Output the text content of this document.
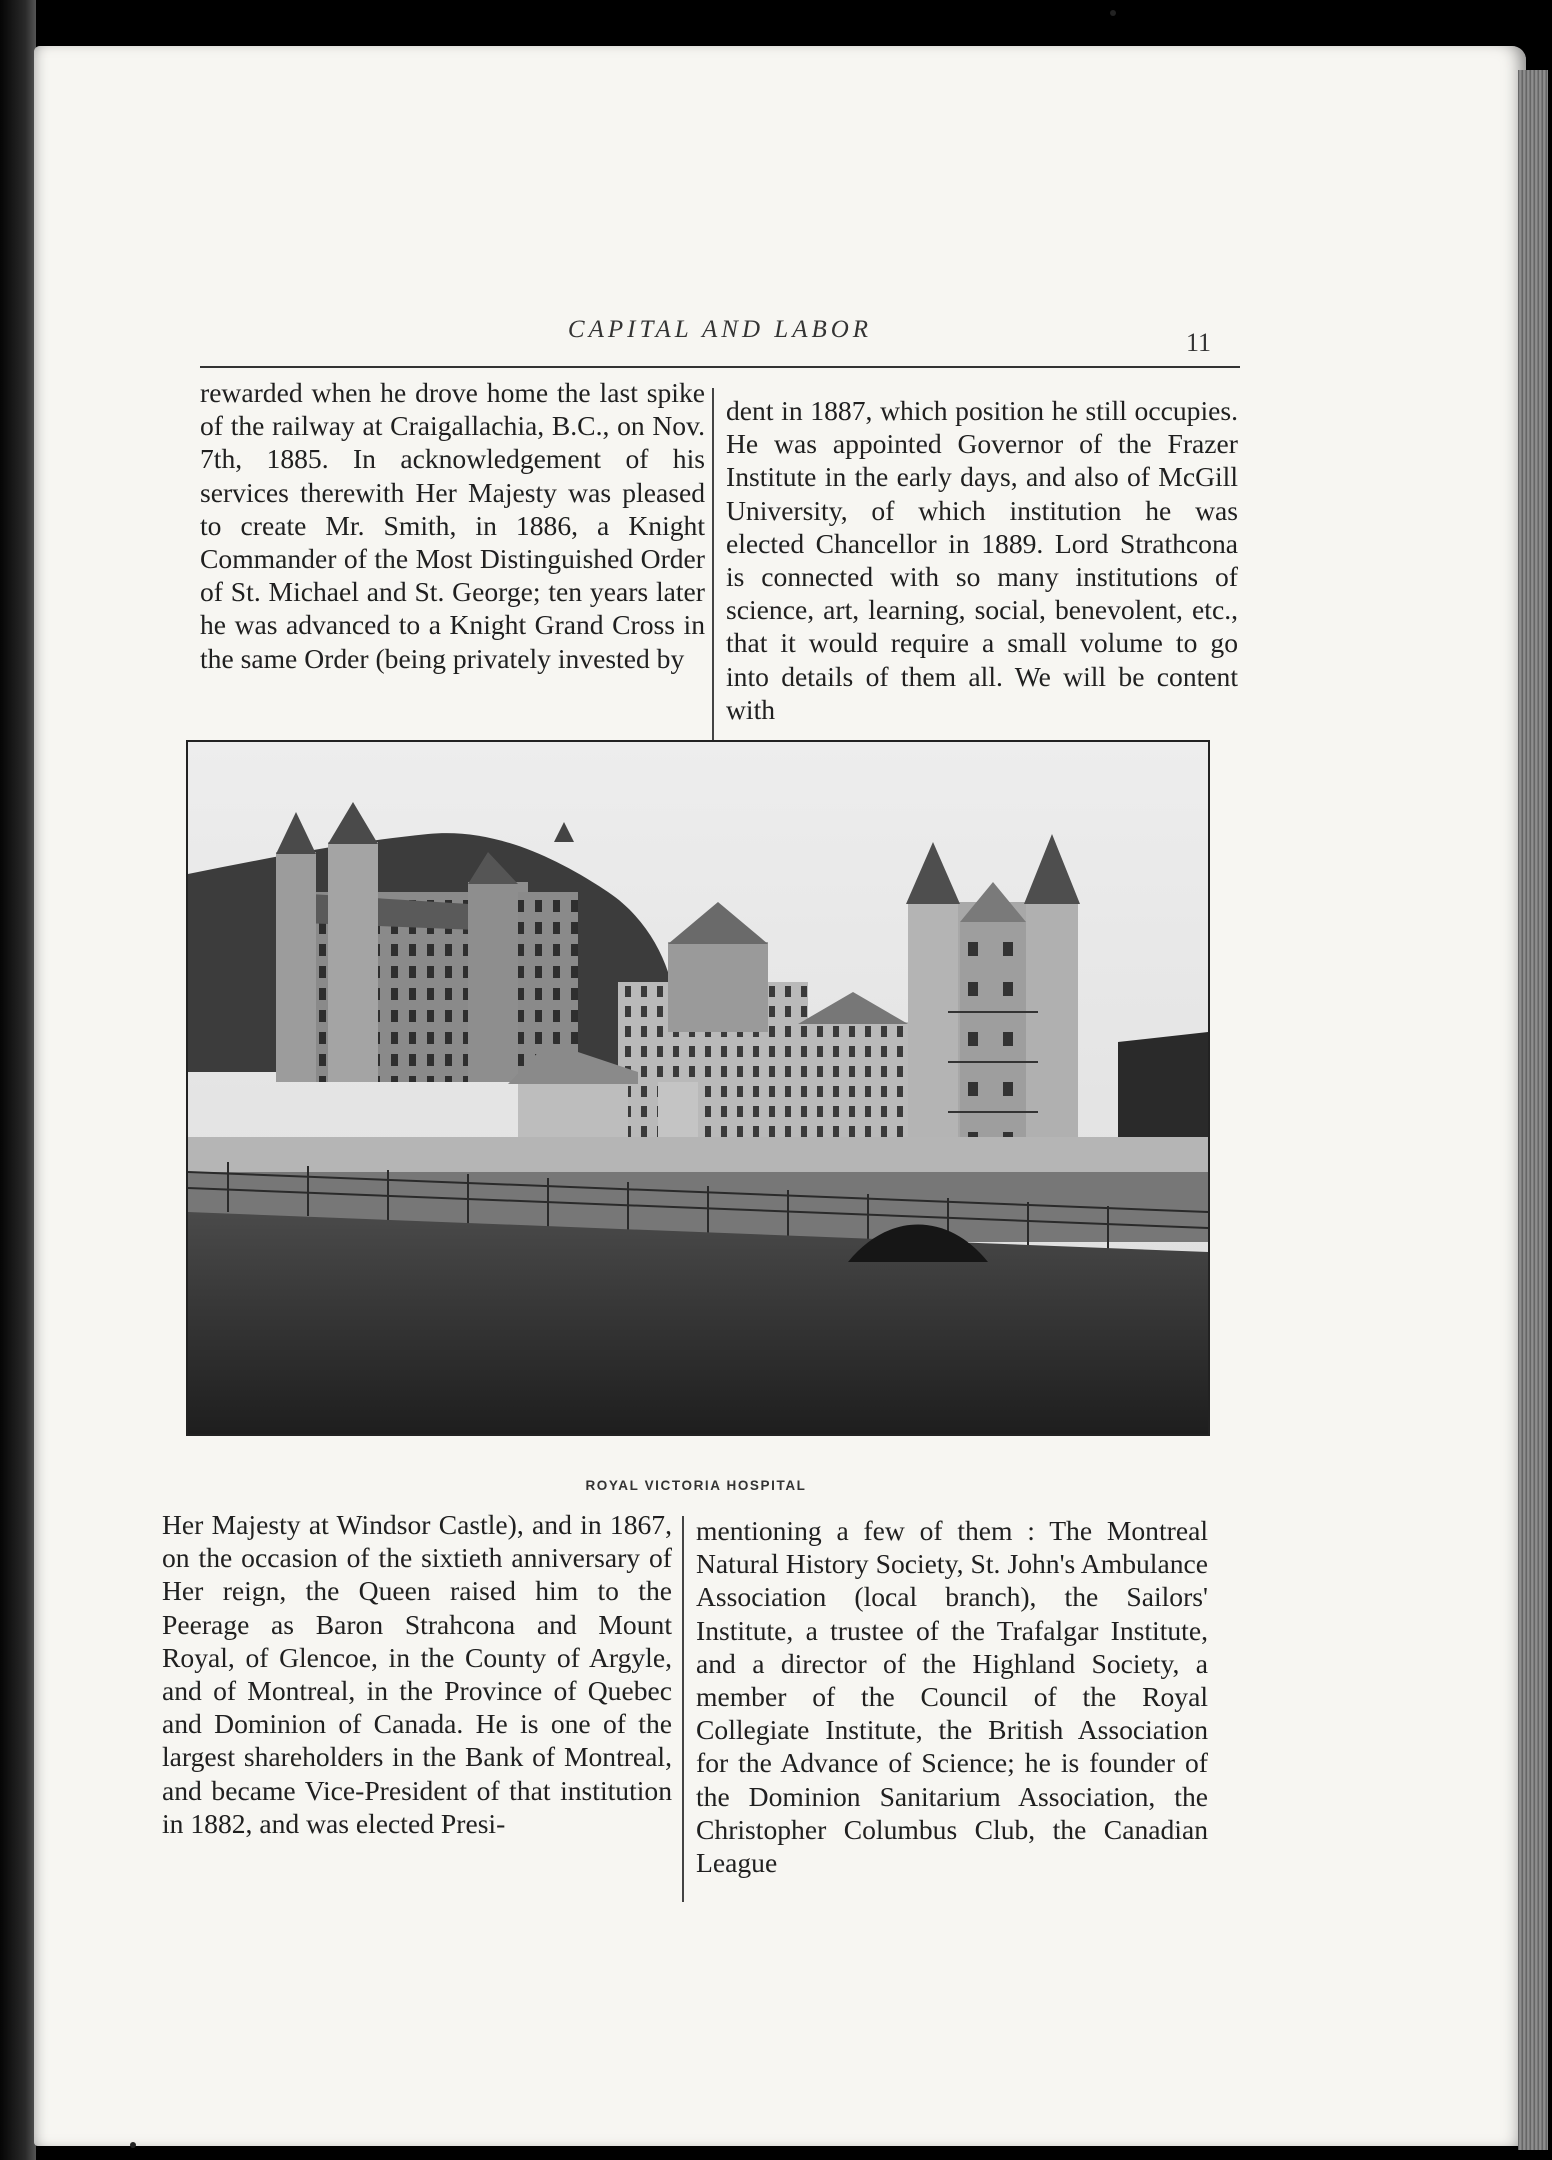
CAPITAL AND LABOR	11
rewarded when he drove home the last spike of the railway at Craigallachia, B.C., on Nov. 7th, 1885. In acknowledgement of his services therewith Her Majesty was pleased to create Mr. Smith, in 1886, a Knight Commander of the Most Distinguished Order of St. Michael and St. George; ten years later he was advanced to a Knight Grand Cross in the same Order (being privately invested by
dent in 1887, which position he still occupies. He was appointed Governor of the Frazer Institute in the early days, and also of McGill University, of which institution he was elected Chancellor in 1889. Lord Strathcona is connected with so many institutions of science, art, learning, social, benevolent, etc., that it would require a small volume to go into details of them all. We will be content with
ROYAL VICTORIA HOSPITAL
Her Majesty at Windsor Castle), and in 1867, on the occasion of the sixtieth anniversary of Her reign, the Queen raised him to the Peerage as Baron Strahcona and Mount Royal, of Glencoe, in the County of Argyle, and of Montreal, in the Province of Quebec and Dominion of Canada. He is one of the largest shareholders in the Bank of Montreal, and became Vice-President of that institution in 1882, and was elected Presi-
mentioning a few of them : The Montreal Natural History Society, St. John's Ambulance Association (local branch), the Sailors' Institute, a trustee of the Trafalgar Institute, and a director of the Highland Society, a member of the Council of the Royal Collegiate Institute, the British Association for the Advance of Science; he is founder of the Dominion Sanitarium Association, the Christopher Columbus Club, the Canadian League
